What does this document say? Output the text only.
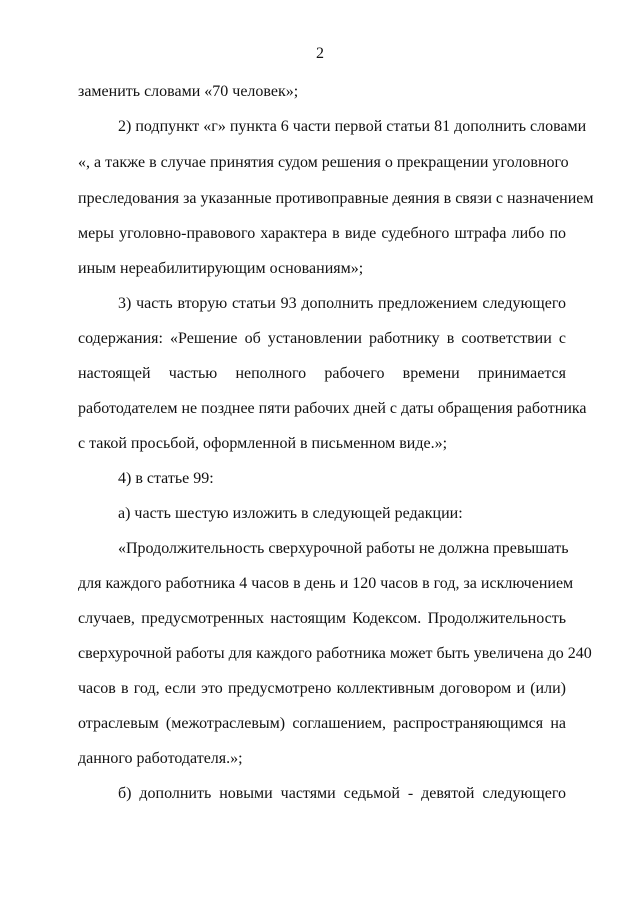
2
заменить словами «70 человек»;
2) подпункт «г» пункта 6 части первой статьи 81 дополнить словами
«, а также в случае принятия судом решения о прекращении уголовного
преследования за указанные противоправные деяния в связи с назначением
меры уголовно-правового характера в виде судебного штрафа либо по
иным нереабилитирующим основаниям»;
3) часть вторую статьи 93 дополнить предложением следующего
содержания: «Решение об установлении работнику в соответствии с
настоящей частью неполного рабочего времени принимается
работодателем не позднее пяти рабочих дней с даты обращения работника
с такой просьбой, оформленной в письменном виде.»;
4) в статье 99:
а) часть шестую изложить в следующей редакции:
«Продолжительность сверхурочной работы не должна превышать
для каждого работника 4 часов в день и 120 часов в год, за исключением
случаев, предусмотренных настоящим Кодексом. Продолжительность
сверхурочной работы для каждого работника может быть увеличена до 240
часов в год, если это предусмотрено коллективным договором и (или)
отраслевым (межотраслевым) соглашением, распространяющимся на
данного работодателя.»;
б) дополнить новыми частями седьмой - девятой следующего
